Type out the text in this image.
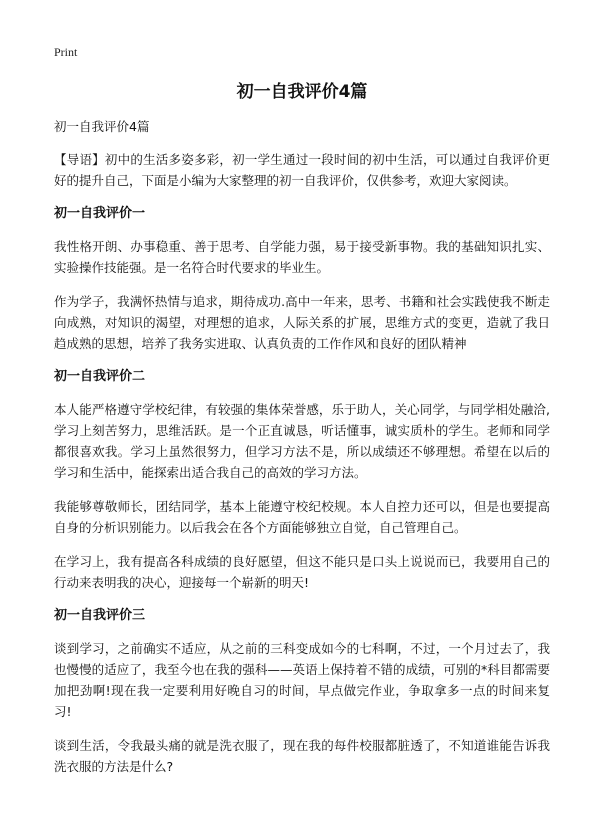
Print
初一自我评价4篇
初一自我评价4篇
【导语】初中的生活多姿多彩，初一学生通过一段时间的初中生活，可以通过自我评价更好的提升自己，下面是小编为大家整理的初一自我评价，仅供参考，欢迎大家阅读。
初一自我评价一
我性格开朗、办事稳重、善于思考、自学能力强，易于接受新事物。我的基础知识扎实、实验操作技能强。是一名符合时代要求的毕业生。
作为学子，我满怀热情与追求，期待成功.高中一年来，思考、书籍和社会实践使我不断走向成熟，对知识的渴望，对理想的追求，人际关系的扩展，思维方式的变更，造就了我日趋成熟的思想，培养了我务实进取、认真负责的工作作风和良好的团队精神
初一自我评价二
本人能严格遵守学校纪律，有较强的集体荣誉感，乐于助人，关心同学，与同学相处融洽,学习上刻苦努力，思维活跃。是一个正直诚恳，听话懂事，诚实质朴的学生。老师和同学都很喜欢我。学习上虽然很努力，但学习方法不是，所以成绩还不够理想。希望在以后的学习和生活中，能探索出适合我自己的高效的学习方法。
我能够尊敬师长，团结同学，基本上能遵守校纪校规。本人自控力还可以，但是也要提高自身的分析识别能力。以后我会在各个方面能够独立自觉，自己管理自己。
在学习上，我有提高各科成绩的良好愿望，但这不能只是口头上说说而已，我要用自己的行动来表明我的决心，迎接每一个崭新的明天!
初一自我评价三
谈到学习，之前确实不适应，从之前的三科变成如今的七科啊，不过，一个月过去了，我也慢慢的适应了，我至今也在我的强科——英语上保持着不错的成绩，可别的*科目都需要加把劲啊!现在我一定要利用好晚自习的时间，早点做完作业，争取拿多一点的时间来复习!
谈到生活，令我最头痛的就是洗衣服了，现在我的每件校服都脏透了，不知道谁能告诉我洗衣服的方法是什么?
